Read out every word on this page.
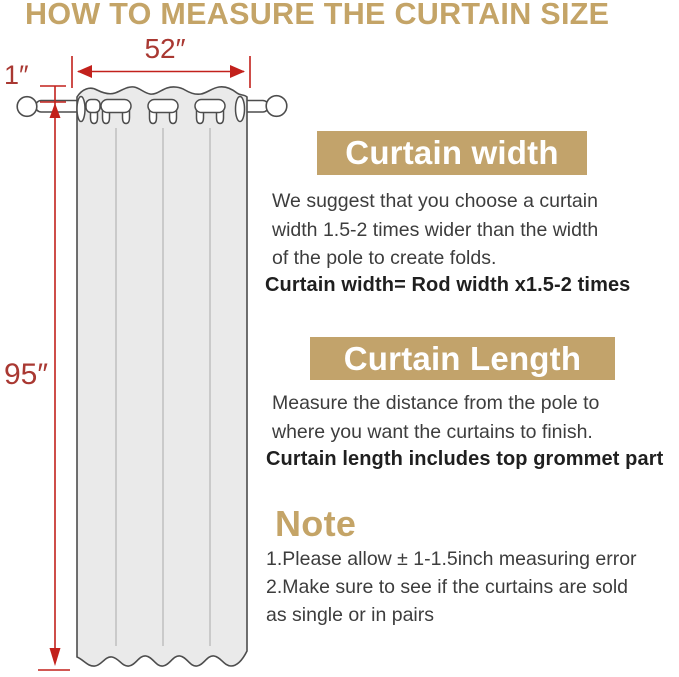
HOW TO MEASURE THE CURTAIN SIZE
52″
1″
95″
Curtain width
We suggest that you choose a curtain
width 1.5-2 times wider than the width
of the pole to create folds.
Curtain width= Rod width x1.5-2 times
Curtain Length
Measure the distance from the pole to
where you want the curtains to finish.
Curtain length includes top grommet part
Note
1.Please allow ± 1-1.5inch measuring error
2.Make sure to see if the curtains are sold
as single or in pairs
